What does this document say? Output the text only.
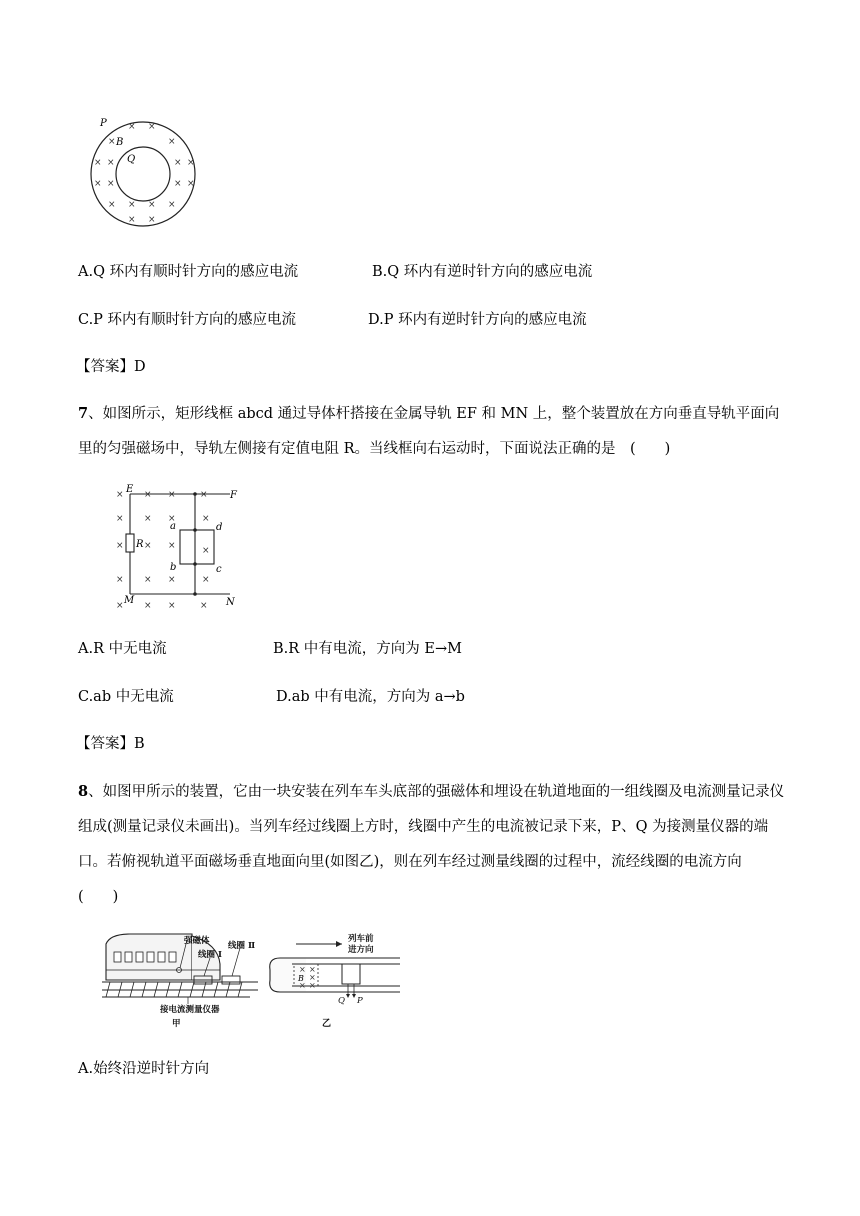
× ×
×	×
× ×	× ×
× ×	× ×
× × × ×
× ×
P
B
Q
A.Q 环内有顺时针方向的感应电流	B.Q 环内有逆时针方向的感应电流
C.P 环内有顺时针方向的感应电流	D.P 环内有逆时针方向的感应电流
【答案】D
7、如图所示，矩形线框 abcd 通过导体杆搭接在金属导轨 EF 和 MN 上，整个装置放在方向垂直导轨平面向里的匀强磁场中，导轨左侧接有定值电阻 R。当线框向右运动时，下面说法正确的是　(　　)
× × ×	×
× × ×	×
× × ×	×
× × ×	×
× × ×	×
E
F
M	N
R
a
b	c
d
A.R 中无电流	B.R 中有电流，方向为 E→M
C.ab 中无电流	D.ab 中有电流，方向为 a→b
【答案】B
8、如图甲所示的装置，它由一块安装在列车车头底部的强磁体和埋设在轨道地面的一组线圈及电流测量记录仪组成(测量记录仪未画出)。当列车经过线圈上方时，线圈中产生的电流被记录下来，P、Q 为接测量仪器的端口。若俯视轨道平面磁场垂直地面向里(如图乙)，则在列车经过测量线圈的过程中，流经线圈的电流方向　　(　　)
强磁体
线圈 Ⅰ
线圈 Ⅱ
接电流测量仪器
甲
列车前
进方向
× ×
×
× ×
B
Q P
乙
A.始终沿逆时针方向
